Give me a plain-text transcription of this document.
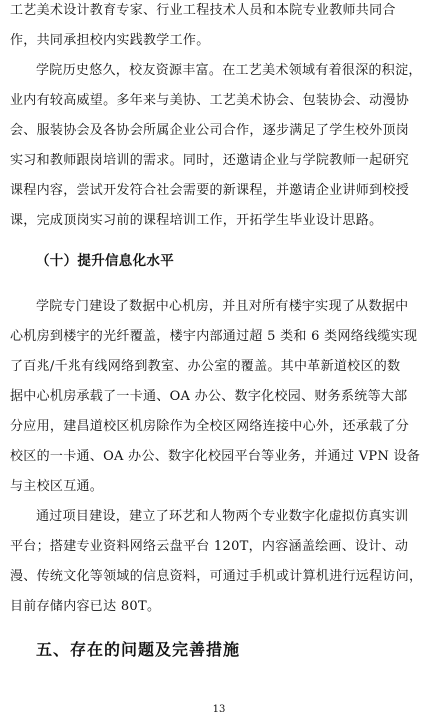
工艺美术设计教育专家、行业工程技术人员和本院专业教师共同合
作，共同承担校内实践教学工作。
学院历史悠久，校友资源丰富。在工艺美术领域有着很深的积淀，
业内有较高威望。多年来与美协、工艺美术协会、包装协会、动漫协
会、服装协会及各协会所属企业公司合作，逐步满足了学生校外顶岗
实习和教师跟岗培训的需求。同时，还邀请企业与学院教师一起研究
课程内容，尝试开发符合社会需要的新课程，并邀请企业讲师到校授
课，完成顶岗实习前的课程培训工作，开拓学生毕业设计思路。
（十）提升信息化水平
学院专门建设了数据中心机房，并且对所有楼宇实现了从数据中
心机房到楼宇的光纤覆盖，楼宇内部通过超 5 类和 6 类网络线缆实现
了百兆/千兆有线网络到教室、办公室的覆盖。其中革新道校区的数
据中心机房承载了一卡通、OA 办公、数字化校园、财务系统等大部
分应用，建昌道校区机房除作为全校区网络连接中心外，还承载了分
校区的一卡通、OA 办公、数字化校园平台等业务，并通过 VPN 设备
与主校区互通。
通过项目建设，建立了环艺和人物两个专业数字化虚拟仿真实训
平台；搭建专业资料网络云盘平台 120T，内容涵盖绘画、设计、动
漫、传统文化等领域的信息资料，可通过手机或计算机进行远程访问，
目前存储内容已达 80T。
五、存在的问题及完善措施
13
